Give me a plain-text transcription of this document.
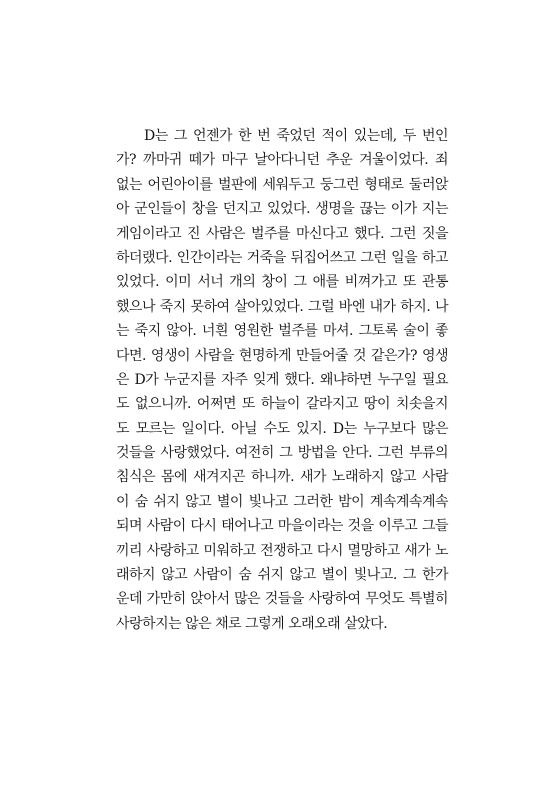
D는 그 언젠가 한 번 죽었던 적이 있는데, 두 번인
가? 까마귀 떼가 마구 날아다니던 추운 겨울이었다. 죄
없는 어린아이를 벌판에 세워두고 둥그런 형태로 둘러앉
아 군인들이 창을 던지고 있었다. 생명을 끊는 이가 지는
게임이라고 진 사람은 벌주를 마신다고 했다. 그런 짓을
하더랬다. 인간이라는 거죽을 뒤집어쓰고 그런 일을 하고
있었다. 이미 서너 개의 창이 그 애를 비껴가고 또 관통
했으나 죽지 못하여 살아있었다. 그럴 바엔 내가 하지. 나
는 죽지 않아. 너흰 영원한 벌주를 마셔. 그토록 술이 좋
다면. 영생이 사람을 현명하게 만들어줄 것 같은가? 영생
은 D가 누군지를 자주 잊게 했다. 왜냐하면 누구일 필요
도 없으니까. 어쩌면 또 하늘이 갈라지고 땅이 치솟을지
도 모르는 일이다. 아닐 수도 있지. D는 누구보다 많은
것들을 사랑했었다. 여전히 그 방법을 안다. 그런 부류의
침식은 몸에 새겨지곤 하니까. 새가 노래하지 않고 사람
이 숨 쉬지 않고 별이 빛나고 그러한 밤이 계속계속계속
되며 사람이 다시 태어나고 마을이라는 것을 이루고 그들
끼리 사랑하고 미워하고 전쟁하고 다시 멸망하고 새가 노
래하지 않고 사람이 숨 쉬지 않고 별이 빛나고. 그 한가
운데 가만히 앉아서 많은 것들을 사랑하여 무엇도 특별히
사랑하지는 않은 채로 그렇게 오래오래 살았다.
